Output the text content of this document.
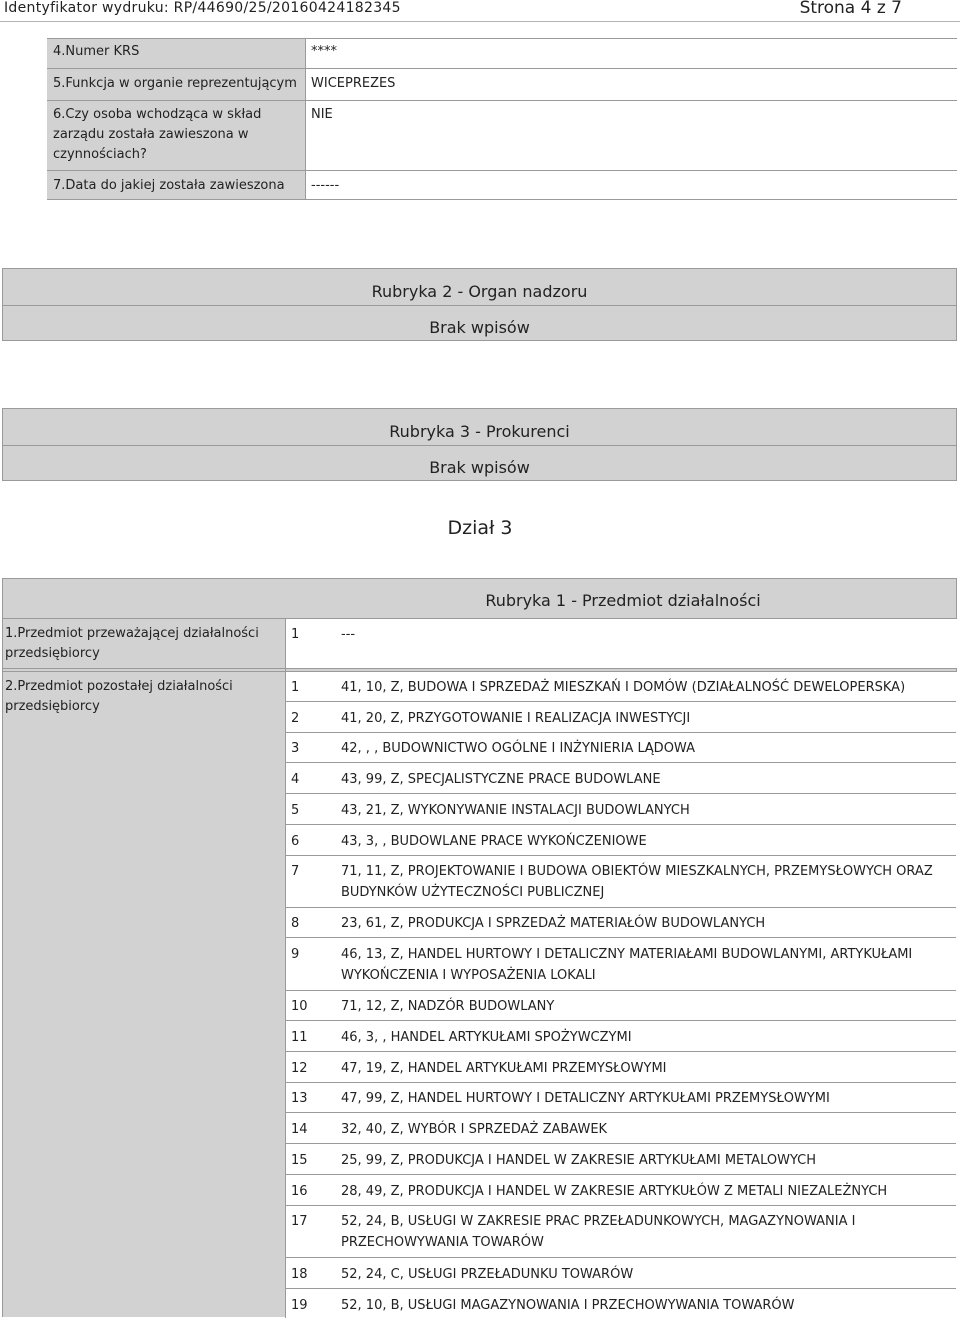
Identyfikator wydruku: RP/44690/25/20160424182345	Strona 4 z 7
4.Numer KRS	****
5.Funkcja w organie reprezentującym WICEPREZES
6.Czy osoba wchodząca w skład zarządu została zawieszona w czynnościach?
NIE
7.Data do jakiej została zawieszona	------
Rubryka 2 - Organ nadzoru
Brak wpisów
Rubryka 3 - Prokurenci
Brak wpisów
Dział 3
Rubryka 1 - Przedmiot działalności
1.Przedmiot przeważającej działalności przedsiębiorcy
1	---
2.Przedmiot pozostałej działalności przedsiębiorcy
1	41, 10, Z, BUDOWA I SPRZEDAŻ MIESZKAŃ I DOMÓW (DZIAŁALNOŚĆ DEWELOPERSKA)
2	41, 20, Z, PRZYGOTOWANIE I REALIZACJA INWESTYCJI
3	42, , , BUDOWNICTWO OGÓLNE I INŻYNIERIA LĄDOWA
4	43, 99, Z, SPECJALISTYCZNE PRACE BUDOWLANE
5	43, 21, Z, WYKONYWANIE INSTALACJI BUDOWLANYCH
6	43, 3, , BUDOWLANE PRACE WYKOŃCZENIOWE
7	71, 11, Z, PROJEKTOWANIE I BUDOWA OBIEKTÓW MIESZKALNYCH, PRZEMYSŁOWYCH ORAZ BUDYNKÓW UŻYTECZNOŚCI PUBLICZNEJ
8	23, 61, Z, PRODUKCJA I SPRZEDAŻ MATERIAŁÓW BUDOWLANYCH
9	46, 13, Z, HANDEL HURTOWY I DETALICZNY MATERIAŁAMI BUDOWLANYMI, ARTYKUŁAMI WYKOŃCZENIA I WYPOSAŻENIA LOKALI
10	71, 12, Z, NADZÓR BUDOWLANY
11	46, 3, , HANDEL ARTYKUŁAMI SPOŻYWCZYMI
12	47, 19, Z, HANDEL ARTYKUŁAMI PRZEMYSŁOWYMI
13	47, 99, Z, HANDEL HURTOWY I DETALICZNY ARTYKUŁAMI PRZEMYSŁOWYMI
14	32, 40, Z, WYBÓR I SPRZEDAŻ ZABAWEK
15	25, 99, Z, PRODUKCJA I HANDEL W ZAKRESIE ARTYKUŁAMI METALOWYCH
16	28, 49, Z, PRODUKCJA I HANDEL W ZAKRESIE ARTYKUŁÓW Z METALI NIEZALEŻNYCH
17	52, 24, B, USŁUGI W ZAKRESIE PRAC PRZEŁADUNKOWYCH, MAGAZYNOWANIA I PRZECHOWYWANIA TOWARÓW
18	52, 24, C, USŁUGI PRZEŁADUNKU TOWARÓW
19	52, 10, B, USŁUGI MAGAZYNOWANIA I PRZECHOWYWANIA TOWARÓW
